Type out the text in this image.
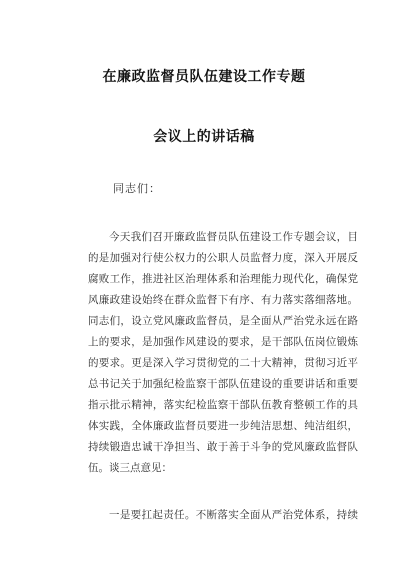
在廉政监督员队伍建设工作专题
会议上的讲话稿
同志们：
今天我们召开廉政监督员队伍建设工作专题会议，目
的是加强对行使公权力的公职人员监督力度，深入开展反
腐败工作，推进社区治理体系和治理能力现代化，确保党
风廉政建设始终在群众监督下有序、有力落实落细落地。
同志们，设立党风廉政监督员，是全面从严治党永远在路
上的要求，是加强作风建设的要求，是干部队伍岗位锻炼
的要求。更是深入学习贯彻党的二十大精神，贯彻习近平
总书记关于加强纪检监察干部队伍建设的重要讲话和重要
指示批示精神，落实纪检监察干部队伍教育整顿工作的具
体实践，全体廉政监督员要进一步纯洁思想、纯洁组织，
持续锻造忠诚干净担当、敢于善于斗争的党风廉政监督队
伍。谈三点意见：
一是要扛起责任。不断落实全面从严治党体系，持续
